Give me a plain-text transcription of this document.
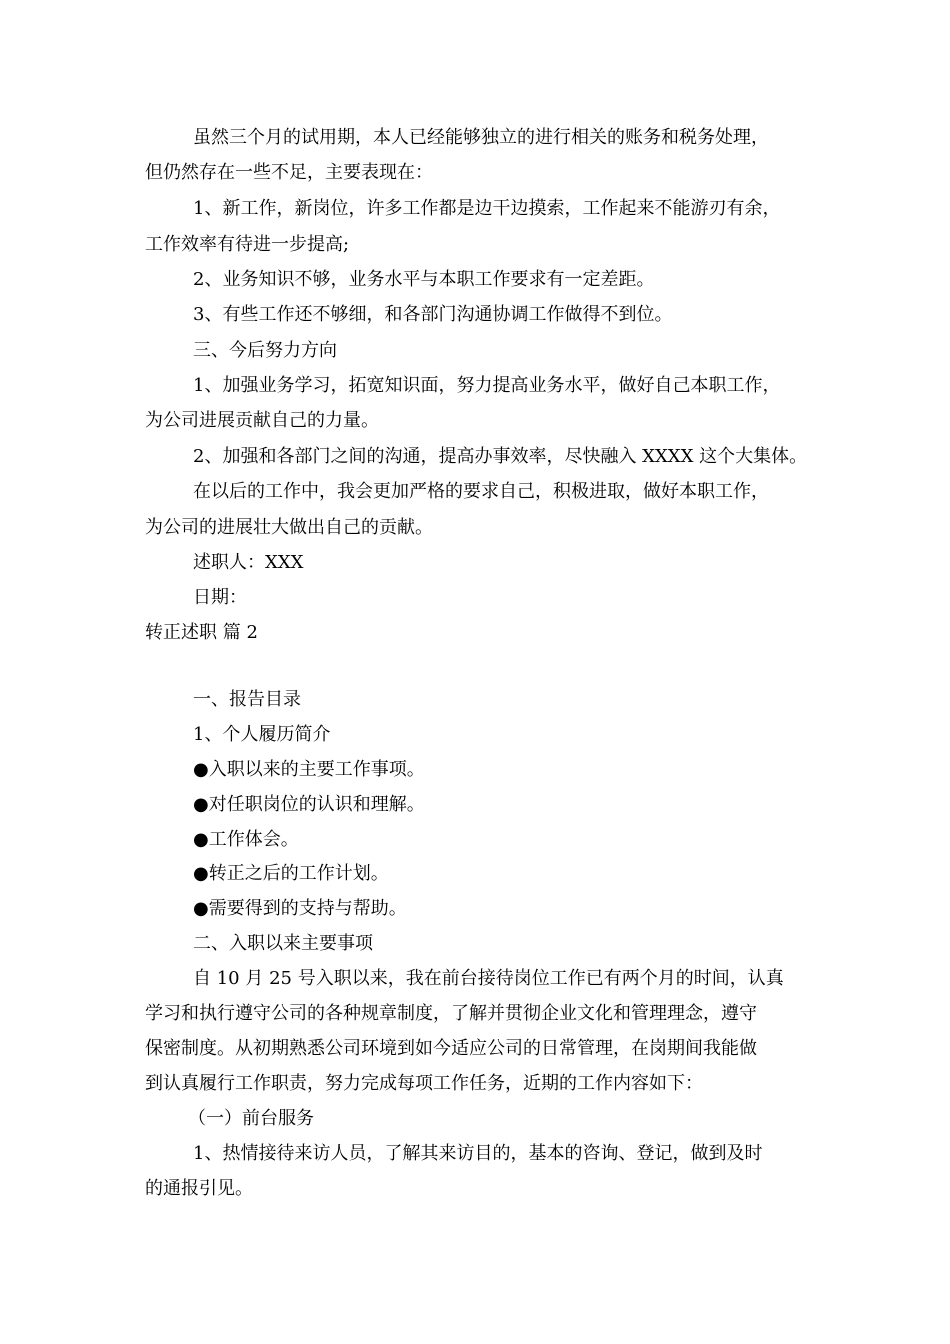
虽然三个月的试用期，本人已经能够独立的进行相关的账务和税务处理，
但仍然存在一些不足，主要表现在：
1、新工作，新岗位，许多工作都是边干边摸索，工作起来不能游刃有余，
工作效率有待进一步提高;
2、业务知识不够，业务水平与本职工作要求有一定差距。
3、有些工作还不够细，和各部门沟通协调工作做得不到位。
三、今后努力方向
1、加强业务学习，拓宽知识面，努力提高业务水平，做好自己本职工作，
为公司进展贡献自己的力量。
2、加强和各部门之间的沟通，提高办事效率，尽快融入 XXXX 这个大集体。
在以后的工作中，我会更加严格的要求自己，积极进取，做好本职工作，
为公司的进展壮大做出自己的贡献。
述职人：XXX
日期：
转正述职 篇 2
一、报告目录
1、个人履历简介
●入职以来的主要工作事项。
●对任职岗位的认识和理解。
●工作体会。
●转正之后的工作计划。
●需要得到的支持与帮助。
二、入职以来主要事项
自 10 月 25 号入职以来，我在前台接待岗位工作已有两个月的时间，认真
学习和执行遵守公司的各种规章制度，了解并贯彻企业文化和管理理念，遵守
保密制度。从初期熟悉公司环境到如今适应公司的日常管理，在岗期间我能做
到认真履行工作职责，努力完成每项工作任务，近期的工作内容如下：
（一）前台服务
1、热情接待来访人员，了解其来访目的，基本的咨询、登记，做到及时
的通报引见。
